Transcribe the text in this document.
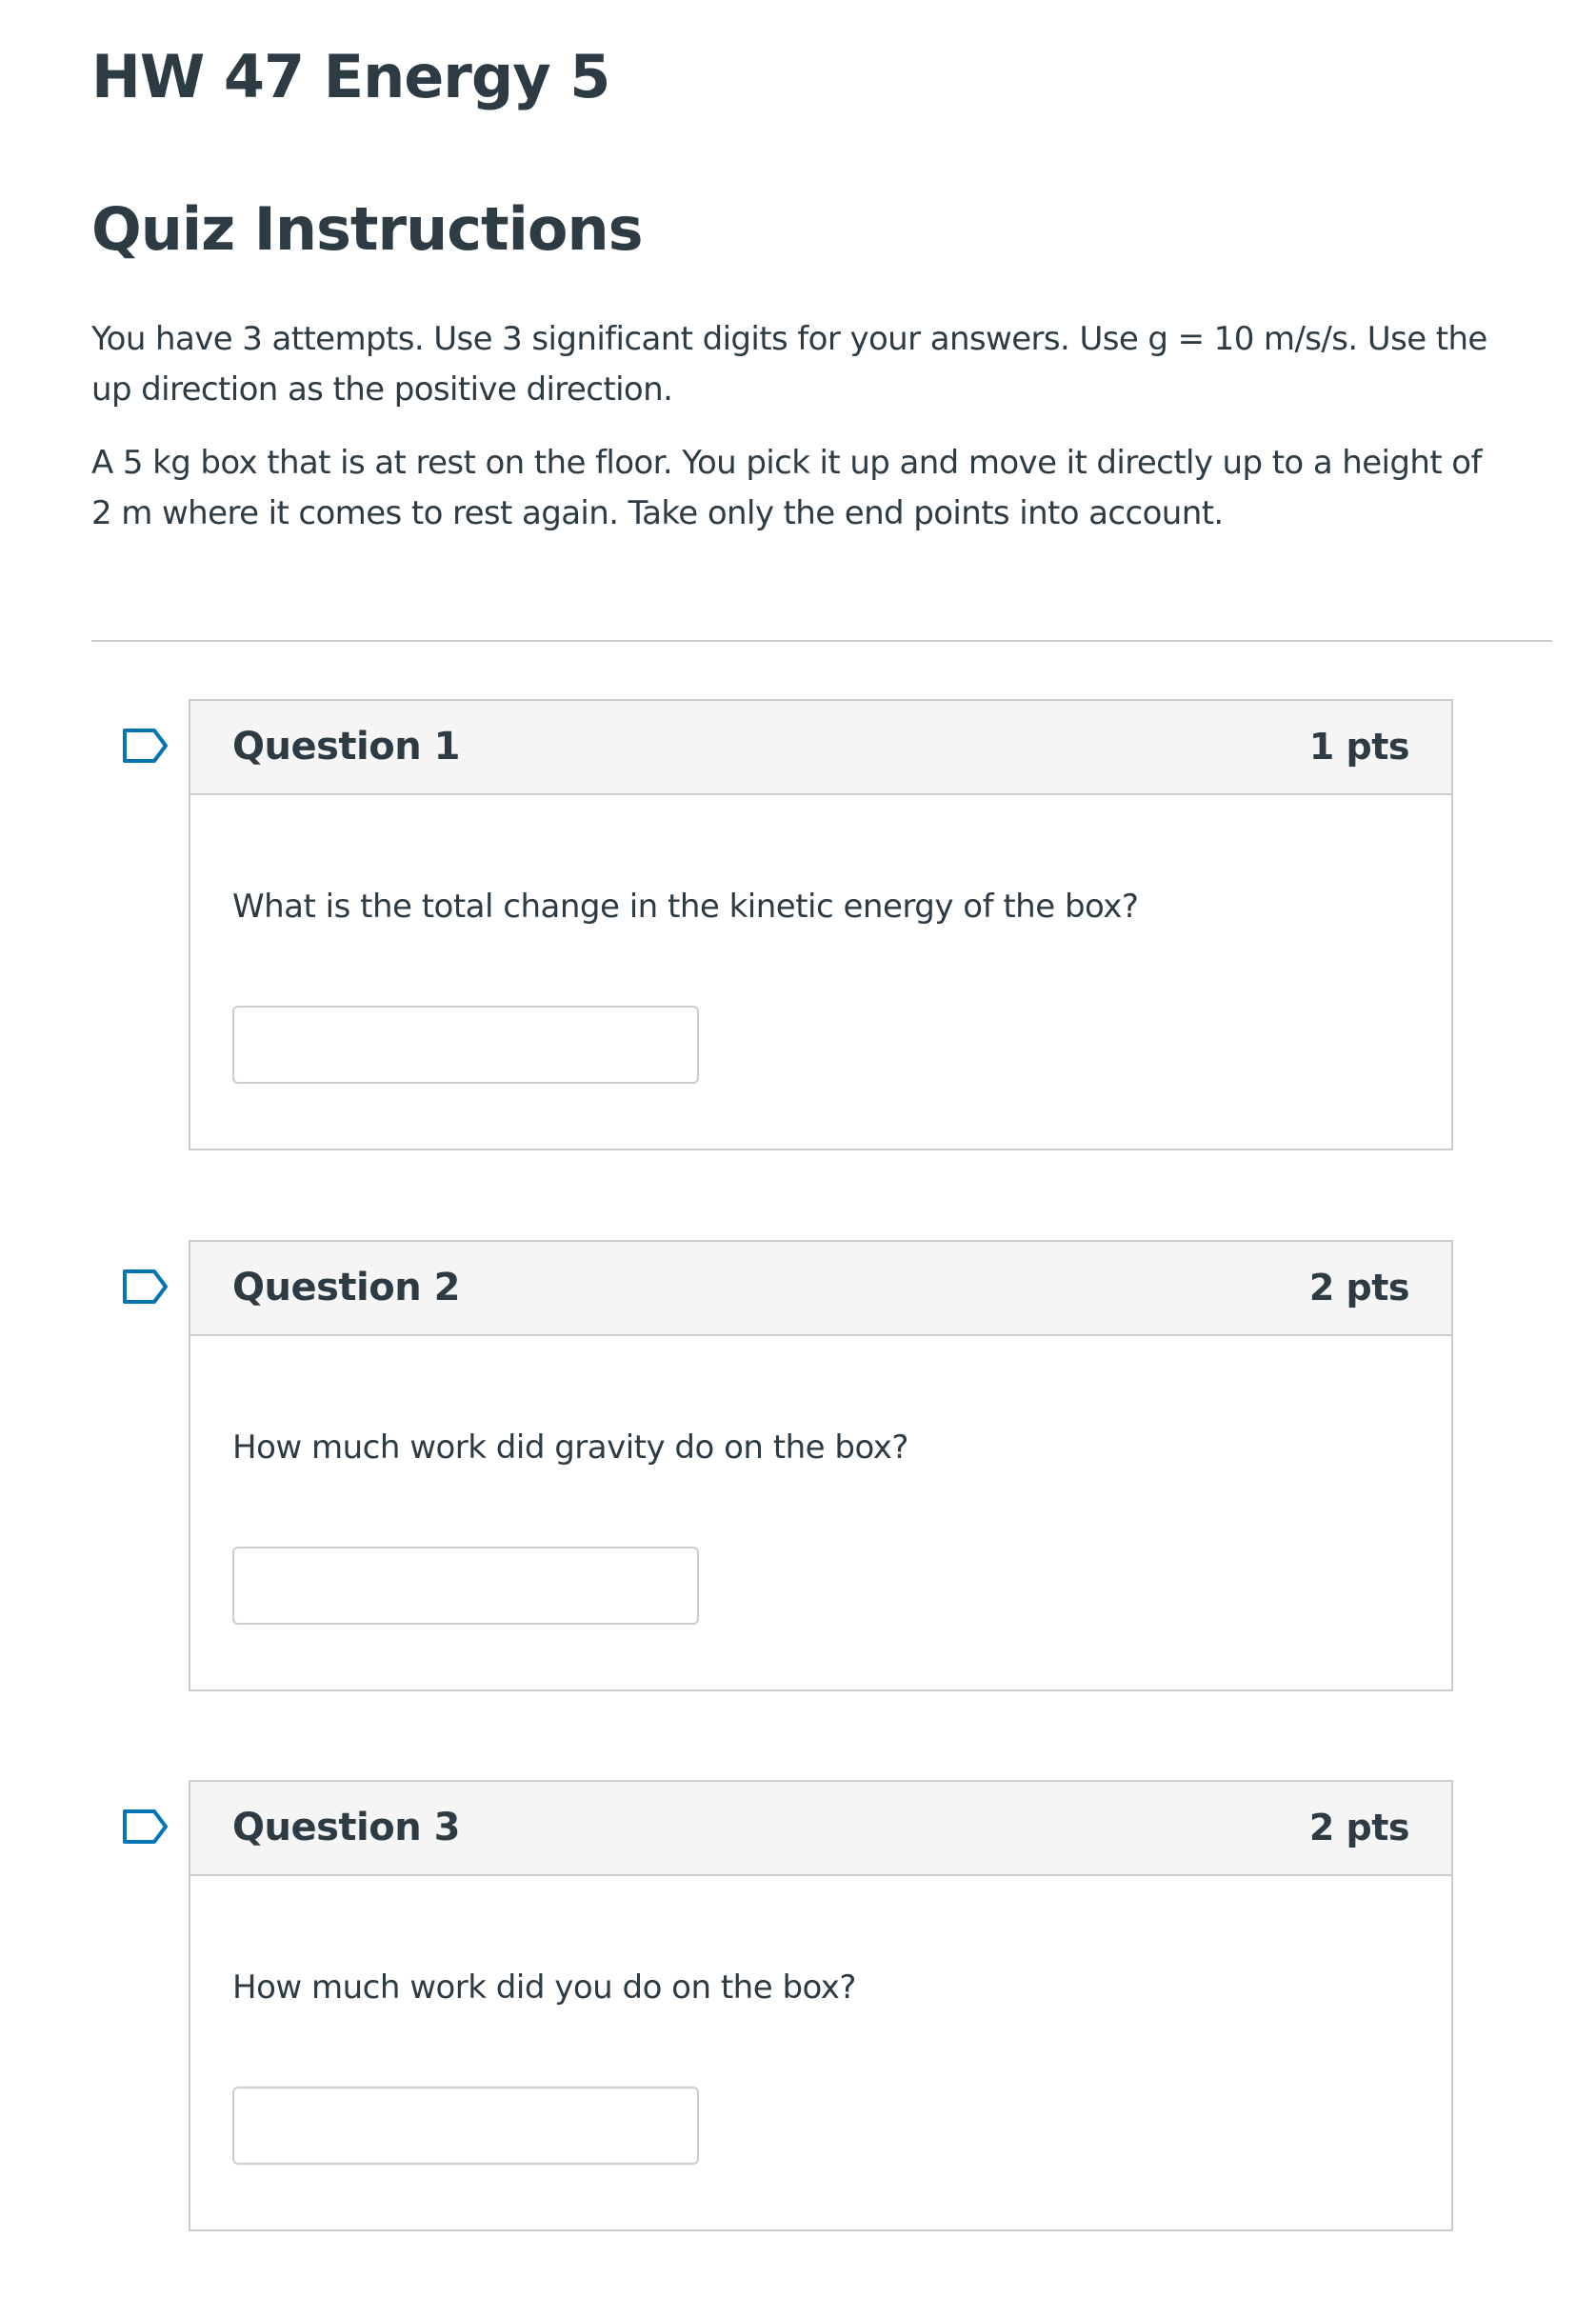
HW 47 Energy 5
Quiz Instructions

You have 3 attempts. Use 3 significant digits for your answers. Use g = 10 m/s/s. Use the up direction as the positive direction.

A 5 kg box that is at rest on the floor. You pick it up and move it directly up to a height of 2 m where it comes to rest again. Take only the end points into account.

Question 1	1 pts
What is the total change in the kinetic energy of the box?
Question 2	2 pts
How much work did gravity do on the box?
Question 3	2 pts
How much work did you do on the box?
